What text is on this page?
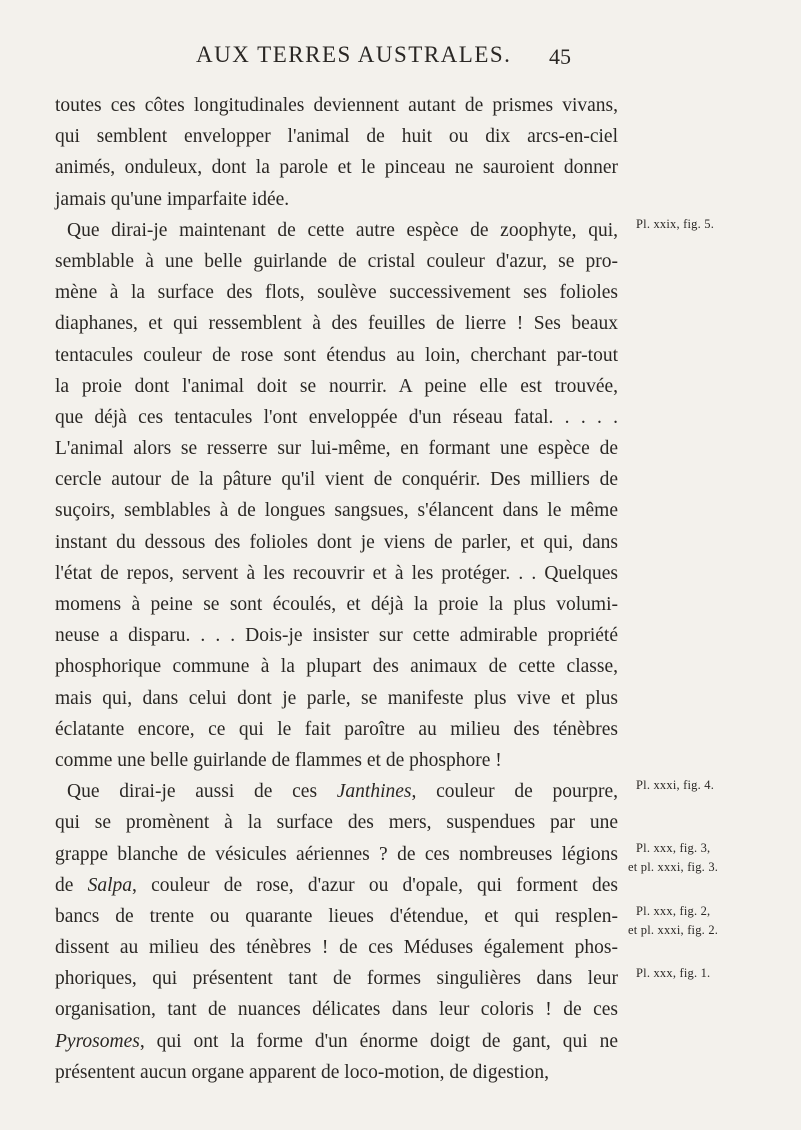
AUX TERRES AUSTRALES. 45
toutes ces côtes longitudinales deviennent autant de prismes vivans,
qui semblent envelopper l'animal de huit ou dix arcs-en-ciel
animés, onduleux, dont la parole et le pinceau ne sauroient donner
jamais qu'une imparfaite idée.
Que dirai-je maintenant de cette autre espèce de zoophyte, qui,
semblable à une belle guirlande de cristal couleur d'azur, se pro-
mène à la surface des flots, soulève successivement ses folioles
diaphanes, et qui ressemblent à des feuilles de lierre ! Ses beaux
tentacules couleur de rose sont étendus au loin, cherchant par-tout
la proie dont l'animal doit se nourrir. A peine elle est trouvée,
que déjà ces tentacules l'ont enveloppée d'un réseau fatal. . . . .
L'animal alors se resserre sur lui-même, en formant une espèce de
cercle autour de la pâture qu'il vient de conquérir. Des milliers de
suçoirs, semblables à de longues sangsues, s'élancent dans le même
instant du dessous des folioles dont je viens de parler, et qui, dans
l'état de repos, servent à les recouvrir et à les protéger. . . Quelques
momens à peine se sont écoulés, et déjà la proie la plus volumi-
neuse a disparu. . . . Dois-je insister sur cette admirable propriété
phosphorique commune à la plupart des animaux de cette classe,
mais qui, dans celui dont je parle, se manifeste plus vive et plus
éclatante encore, ce qui le fait paroître au milieu des ténèbres
comme une belle guirlande de flammes et de phosphore !
Que dirai-je aussi de ces Janthines, couleur de pourpre,
qui se promènent à la surface des mers, suspendues par une
grappe blanche de vésicules aériennes ? de ces nombreuses légions
de Salpa, couleur de rose, d'azur ou d'opale, qui forment des
bancs de trente ou quarante lieues d'étendue, et qui resplen-
dissent au milieu des ténèbres ! de ces Méduses également phos-
phoriques, qui présentent tant de formes singulières dans leur
organisation, tant de nuances délicates dans leur coloris ! de ces
Pyrosomes, qui ont la forme d'un énorme doigt de gant, qui ne
présentent aucun organe apparent de loco-motion, de digestion,
Pl. xxix, fig. 5.
Pl. xxxi, fig. 4.
Pl. xxx, fig. 3,
et pl. xxxi, fig. 3.
Pl. xxx, fig. 2,
et pl. xxxi, fig. 2.
Pl. xxx, fig. 1.
